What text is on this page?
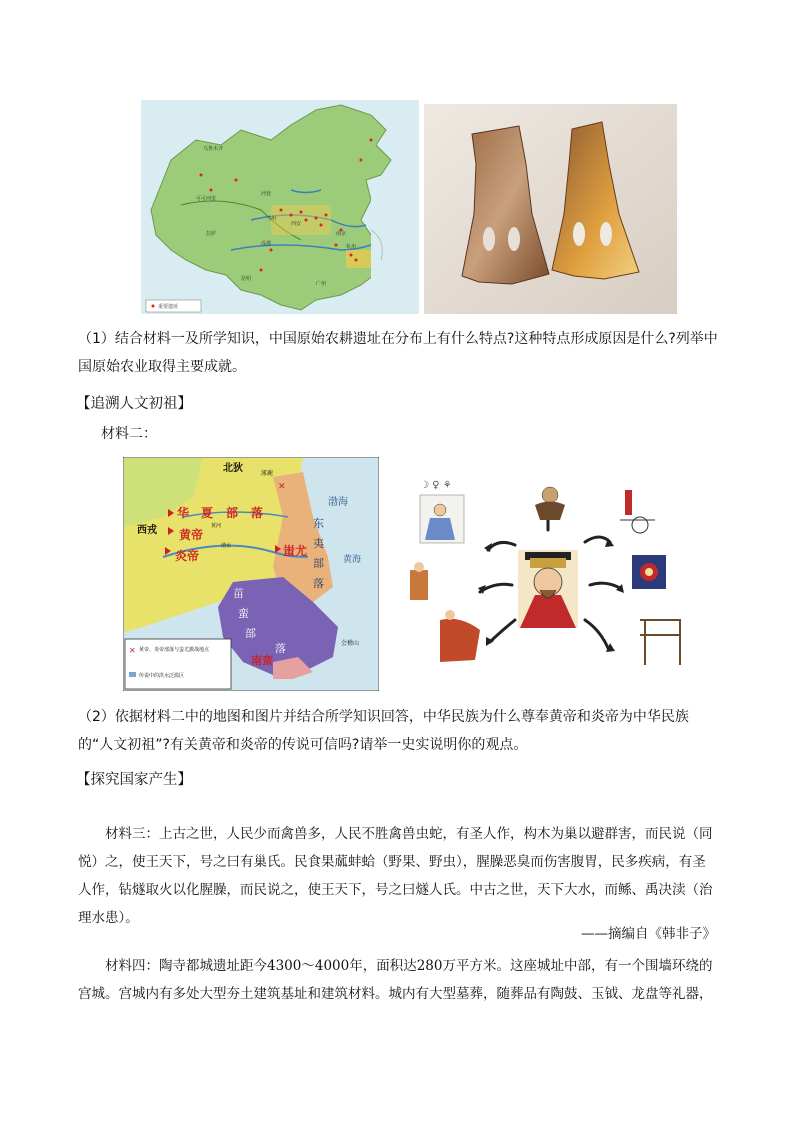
乌鲁木齐
河套
兰州
西安
南京
杭州
可可西里
拉萨
昆明
广州
成都
重要遗址
（1）结合材料一及所学知识，中国原始农耕遗址在分布上有什么特点?这种特点形成原因是什么?列举中国原始农业取得主要成就。
【追溯人文初祖】
材料二：
✕
北狄	涿鹿
渤海
西戎
华 夏 部 落
黄帝
炎帝	蚩尤
东
夷
部
落
黄海
苗
蛮
部
落
南蛮
会稽山
黄河
渭水
✕ 黄帝、炎帝部落与蚩尤激战地点
传说中的洪水泛滥区
☽ ♀ ⚘
（2）依据材料二中的地图和图片并结合所学知识回答，中华民族为什么尊奉黄帝和炎帝为中华民族的“人文初祖”?有关黄帝和炎帝的传说可信吗?请举一史实说明你的观点。
【探究国家产生】
材料三：上古之世，人民少而禽兽多，人民不胜禽兽虫蛇，有圣人作，构木为巢以避群害，而民说（同悦）之，使王天下，号之曰有巢氏。民食果蓏蚌蛤（野果、野虫），腥臊恶臭而伤害腹胃，民多疾病，有圣人作，钻燧取火以化腥臊，而民说之，使王天下，号之曰燧人氏。中古之世，天下大水，而鲧、禹决渎（治理水患）。
——摘编自《韩非子》
材料四：陶寺都城遗址距今4300～4000年，面积达280万平方米。这座城址中部，有一个围墙环绕的宫城。宫城内有多处大型夯土建筑基址和建筑材料。城内有大型墓葬，随葬品有陶鼓、玉钺、龙盘等礼器，
